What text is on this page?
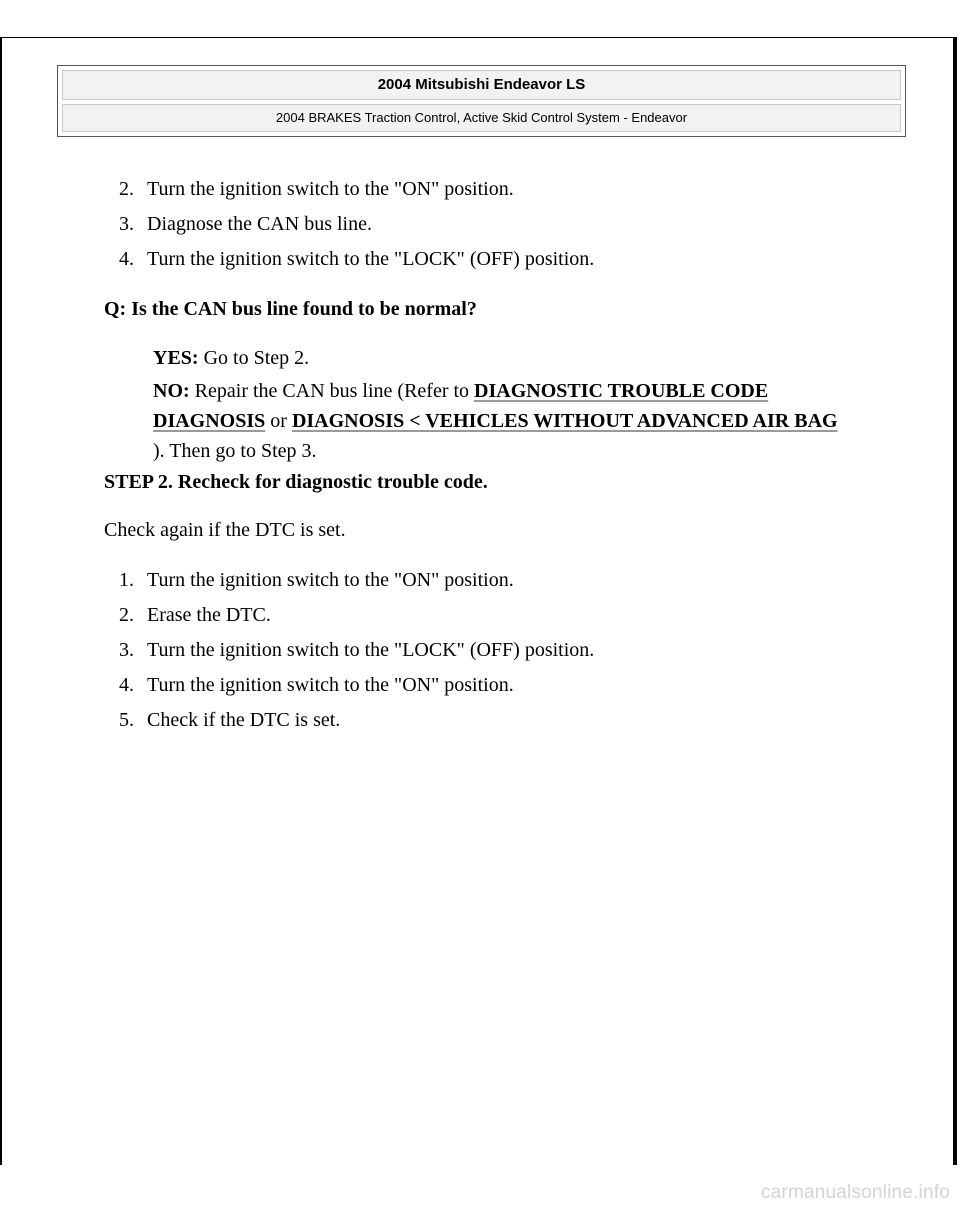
2004 Mitsubishi Endeavor LS
2004 BRAKES Traction Control, Active Skid Control System - Endeavor
2. Turn the ignition switch to the "ON" position.
3. Diagnose the CAN bus line.
4. Turn the ignition switch to the "LOCK" (OFF) position.
Q: Is the CAN bus line found to be normal?
YES: Go to Step 2.
NO: Repair the CAN bus line (Refer to DIAGNOSTIC TROUBLE CODE DIAGNOSIS or DIAGNOSIS < VEHICLES WITHOUT ADVANCED AIR BAG ). Then go to Step 3.
STEP 2. Recheck for diagnostic trouble code.
Check again if the DTC is set.
1. Turn the ignition switch to the "ON" position.
2. Erase the DTC.
3. Turn the ignition switch to the "LOCK" (OFF) position.
4. Turn the ignition switch to the "ON" position.
5. Check if the DTC is set.
carmanualsonline.info
